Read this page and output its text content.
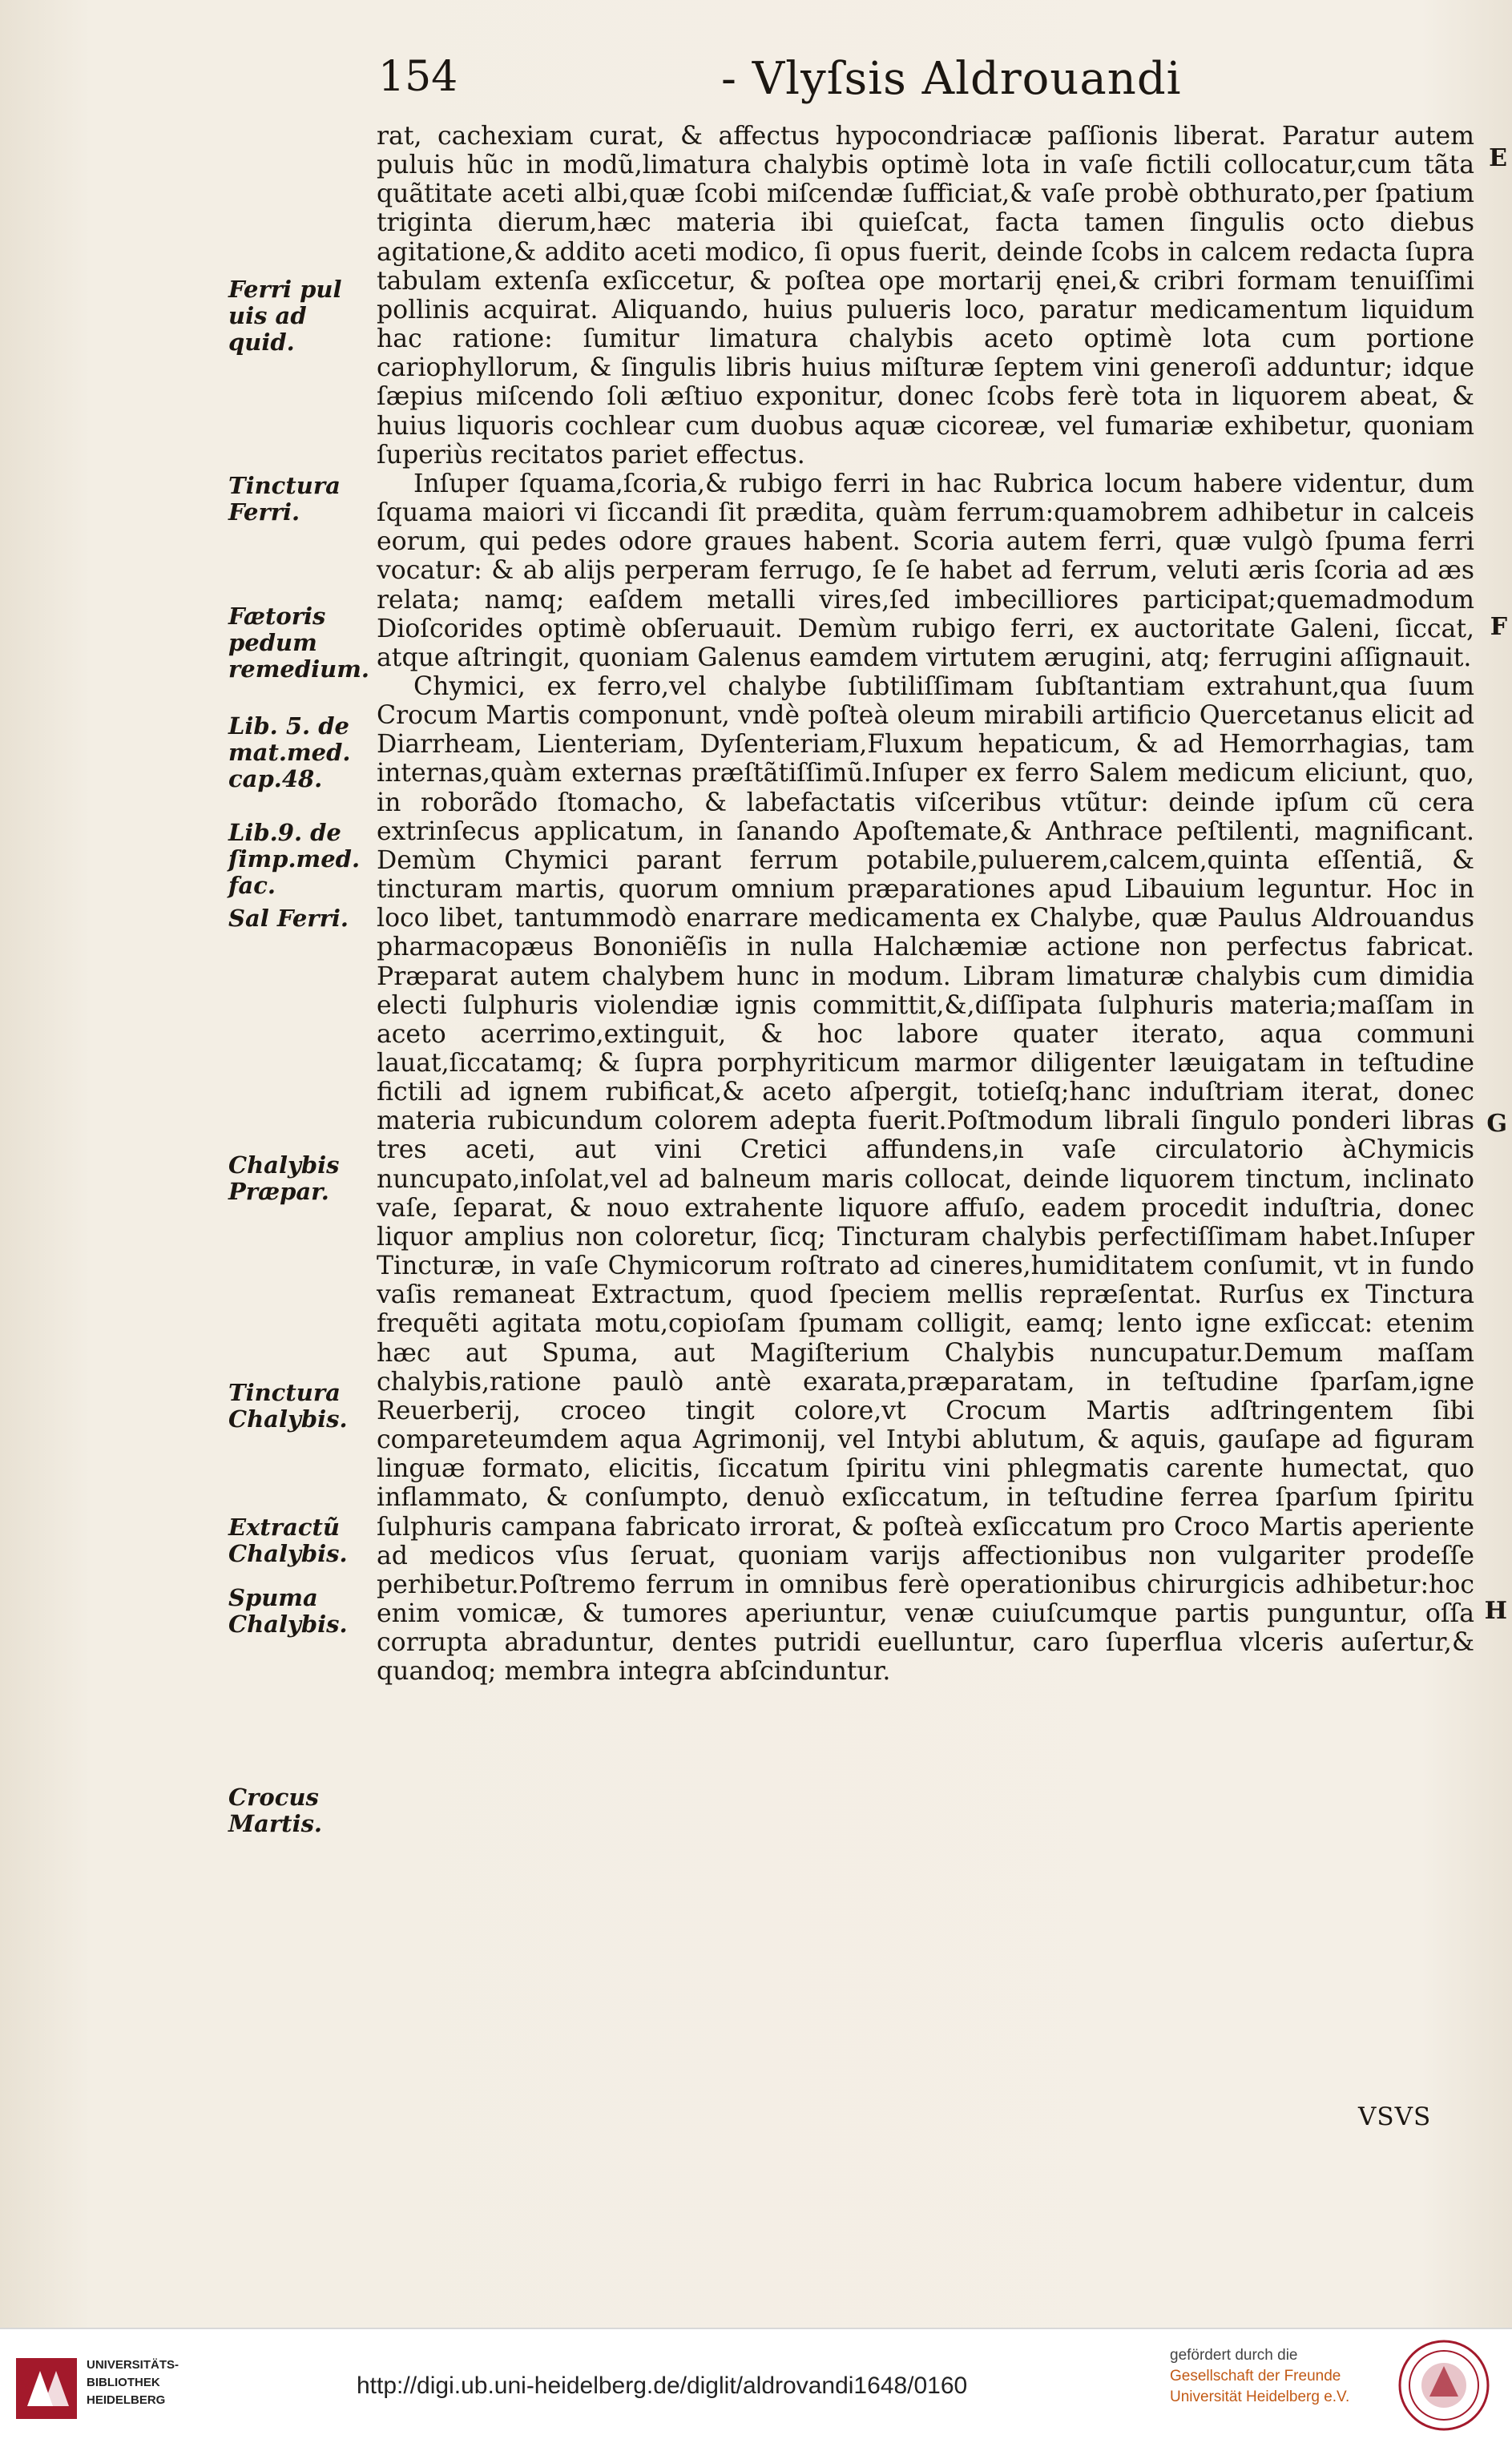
154	- Vlyſsis Aldrouandi
Ferri pul uis ad quid.
Tinctura Ferri.
Fætoris pedum remedium.
Lib. 5. de mat.med. cap.48.
Lib.9. de ſimp.med. fac.
Sal Ferri.
Chalybis Præpar.
Tinctura Chalybis.
Extractũ Chalybis.
Spuma Chalybis.
Crocus Martis.

rat, cachexiam curat, & affectus hypocondriacæ paſſionis liberat. Paratur autem puluis hũc in modũ,limatura chalybis optimè lota in vaſe fictili collocatur,cum tãta quãtitate aceti albi,quæ ſcobi miſcendæ ſufficiat,& vaſe probè obthurato,per ſpatium triginta dierum,hæc materia ibi quieſcat, facta tamen ſingulis octo diebus agitatione,& addito aceti modico, ſi opus fuerit, deinde ſcobs in calcem redacta ſupra tabulam extenſa exſiccetur, & poſtea ope mortarij ęnei,& cribri formam tenuiſſimi pollinis acquirat. Aliquando, huius pulueris loco, paratur medicamentum liquidum hac ratione: ſumitur limatura chalybis aceto optimè lota cum portione cariophyllorum, & ſingulis libris huius miſturæ ſeptem vini generoſi adduntur; idque ſæpius miſcendo ſoli æſtiuo exponitur, donec ſcobs ferè tota in liquorem abeat, & huius liquoris cochlear cum duobus aquæ cicoreæ, vel fumariæ exhibetur, quoniam ſuperiùs recitatos pariet effectus.

Inſuper ſquama,ſcoria,& rubigo ferri in hac Rubrica locum habere videntur, dum ſquama maiori vi ſiccandi ſit prædita, quàm ferrum:quamobrem adhibetur in calceis eorum, qui pedes odore graues habent. Scoria autem ferri, quæ vulgò ſpuma ferri vocatur: & ab alijs perperam ferrugo, ſe ſe habet ad ferrum, veluti æris ſcoria ad æs relata; namq; eaſdem metalli vires,ſed imbecilliores participat;quemadmodum Dioſcorides optimè obſeruauit. Demùm rubigo ferri, ex auctoritate Galeni, ſiccat, atque aſtringit, quoniam Galenus eamdem virtutem ærugini, atq; ferrugini aſſignauit.

Chymici, ex ferro,vel chalybe ſubtiliſſimam ſubſtantiam extrahunt,qua ſuum Crocum Martis componunt, vndè poſteà oleum mirabili artificio Quercetanus elicit ad Diarrheam, Lienteriam, Dyſenteriam,Fluxum hepaticum, & ad Hemorrhagias, tam internas,quàm externas præſtãtiſſimũ.Inſuper ex ferro Salem medicum eliciunt, quo, in roborãdo ſtomacho, & labefactatis viſceribus vtũtur: deinde ipſum cũ cera extrinſecus applicatum, in ſanando Apoſtemate,& Anthrace peſtilenti, magnificant. Demùm Chymici parant ferrum potabile,puluerem,calcem,quinta eſſentiã, & tincturam martis, quorum omnium præparationes apud Libauium leguntur. Hoc in loco libet, tantummodò enarrare medicamenta ex Chalybe, quæ Paulus Aldrouandus pharmacopæus Bononiẽſis in nulla Halchæmiæ actione non perfectus fabricat. Præparat autem chalybem hunc in modum. Libram limaturæ chalybis cum dimidia electi ſulphuris violendiæ ignis committit,&,diſſipata ſulphuris materia;maſſam in aceto acerrimo,extinguit, & hoc labore quater iterato, aqua communi lauat,ſiccatamq; & ſupra porphyriticum marmor diligenter læuigatam in teſtudine fictili ad ignem rubificat,& aceto aſpergit, totieſq;hanc induſtriam iterat, donec materia rubicundum colorem adepta fuerit.Poſtmodum librali ſingulo ponderi libras tres aceti, aut vini Cretici affundens,in vaſe circulatorio àChymicis nuncupato,inſolat,vel ad balneum maris collocat, deinde liquorem tinctum, inclinato vaſe, ſeparat, & nouo extrahente liquore affuſo, eadem procedit induſtria, donec liquor amplius non coloretur, ſicq; Tincturam chalybis perfectiſſimam habet.Inſuper Tincturæ, in vaſe Chymicorum roſtrato ad cineres,humiditatem conſumit, vt in fundo vaſis remaneat Extractum, quod ſpeciem mellis repræſentat. Rurſus ex Tinctura frequẽti agitata motu,copioſam ſpumam colligit, eamq; lento igne exſiccat: etenim hæc aut Spuma, aut Magiſterium Chalybis nuncupatur.Demum maſſam chalybis,ratione paulò antè exarata,præparatam, in teſtudine ſparſam,igne Reuerberij, croceo tingit colore,vt Crocum Martis adſtringentem ſibi compareteumdem aqua Agrimonij, vel Intybi ablutum, & aquis, gauſape ad figuram linguæ formato, elicitis, ſiccatum ſpiritu vini phlegmatis carente humectat, quo inflammato, & conſumpto, denuò exſiccatum, in teſtudine ferrea ſparſum ſpiritu ſulphuris campana fabricato irrorat, & poſteà exſiccatum pro Croco Martis aperiente ad medicos vſus ſeruat, quoniam varijs affectionibus non vulgariter prodeſſe perhibetur.Poſtremo ferrum in omnibus ferè operationibus chirurgicis adhibetur:hoc enim vomicæ, & tumores aperiuntur, venæ cuiuſcumque partis punguntur, oſſa corrupta abraduntur, dentes putridi euelluntur, caro ſuperflua vlceris auſertur,& quandoq; membra integra abſcinduntur.

E
F
G
H
VSVS
UNIVERSITÄTS-
BIBLIOTHEK
HEIDELBERG
http://digi.ub.uni-heidelberg.de/diglit/aldrovandi1648/0160
gefördert durch die
Gesellschaft der Freunde
Universität Heidelberg e.V.
